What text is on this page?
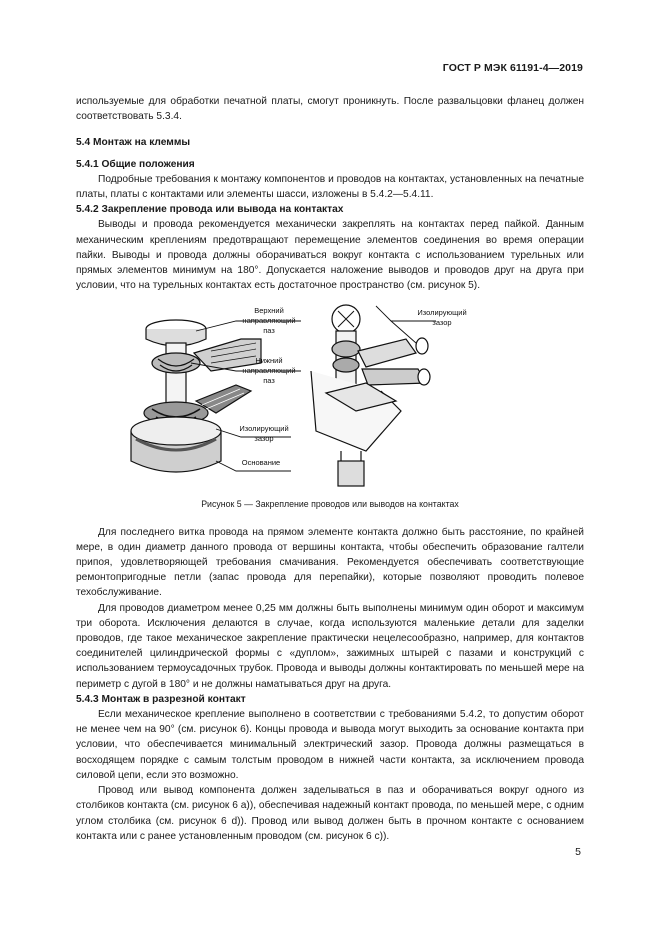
ГОСТ Р МЭК 61191-4—2019

используемые для обработки печатной платы, смогут проникнуть. После развальцовки фланец должен соответствовать 5.3.4.

5.4 Монтаж на клеммы

5.4.1 Общие положения

Подробные требования к монтажу компонентов и проводов на контактах, установленных на печатные платы, платы с контактами или элементы шасси, изложены в 5.4.2—5.4.11.

5.4.2 Закрепление провода или вывода на контактах

Выводы и провода рекомендуется механически закреплять на контактах перед пайкой. Данным механическим креплениям предотвращают перемещение элементов соединения во время операции пайки. Выводы и провода должны оборачиваться вокруг контакта с использованием турельных или прямых элементов минимум на 180°. Допускается наложение выводов и проводов друг на друга при условии, что на турельных контактах есть достаточное пространство (см. рисунок 5).

Верхний
направляющий
паз
Нижний
направляющий
паз
Изолирующий
зазор
Основание
Изолирующий
зазор

Рисунок 5 — Закрепление проводов или выводов на контактах

Для последнего витка провода на прямом элементе контакта должно быть расстояние, по крайней мере, в один диаметр данного провода от вершины контакта, чтобы обеспечить образование галтели припоя, удовлетворяющей требования смачивания. Рекомендуется обеспечивать соответствующие ремонтопригодные петли (запас провода для перепайки), которые позволяют проводить полевое техобслуживание.

Для проводов диаметром менее 0,25 мм должны быть выполнены минимум один оборот и максимум три оборота. Исключения делаются в случае, когда используются маленькие детали для заделки проводов, где такое механическое закрепление практически нецелесообразно, например, для контактов соединителей цилиндрической формы с «дуплом», зажимных штырей с пазами и конструкций с использованием термоусадочных трубок. Провода и выводы должны контактировать по меньшей мере на периметр с дугой в 180° и не должны наматываться друг на друга.

5.4.3 Монтаж в разрезной контакт

Если механическое крепление выполнено в соответствии с требованиями 5.4.2, то допустим оборот не менее чем на 90° (см. рисунок 6). Концы провода и вывода могут выходить за основание контакта при условии, что обеспечивается минимальный электрический зазор. Провода должны размещаться в восходящем порядке с самым толстым проводом в нижней части контакта, за исключением провода силовой цепи, если это возможно.

Провод или вывод компонента должен заделываться в паз и оборачиваться вокруг одного из столбиков контакта (см. рисунок 6 а)), обеспечивая надежный контакт провода, по меньшей мере, с одним углом столбика (см. рисунок 6 d)). Провод или вывод должен быть в прочном контакте с основанием контакта или с ранее установленным проводом (см. рисунок 6 c)).

5
